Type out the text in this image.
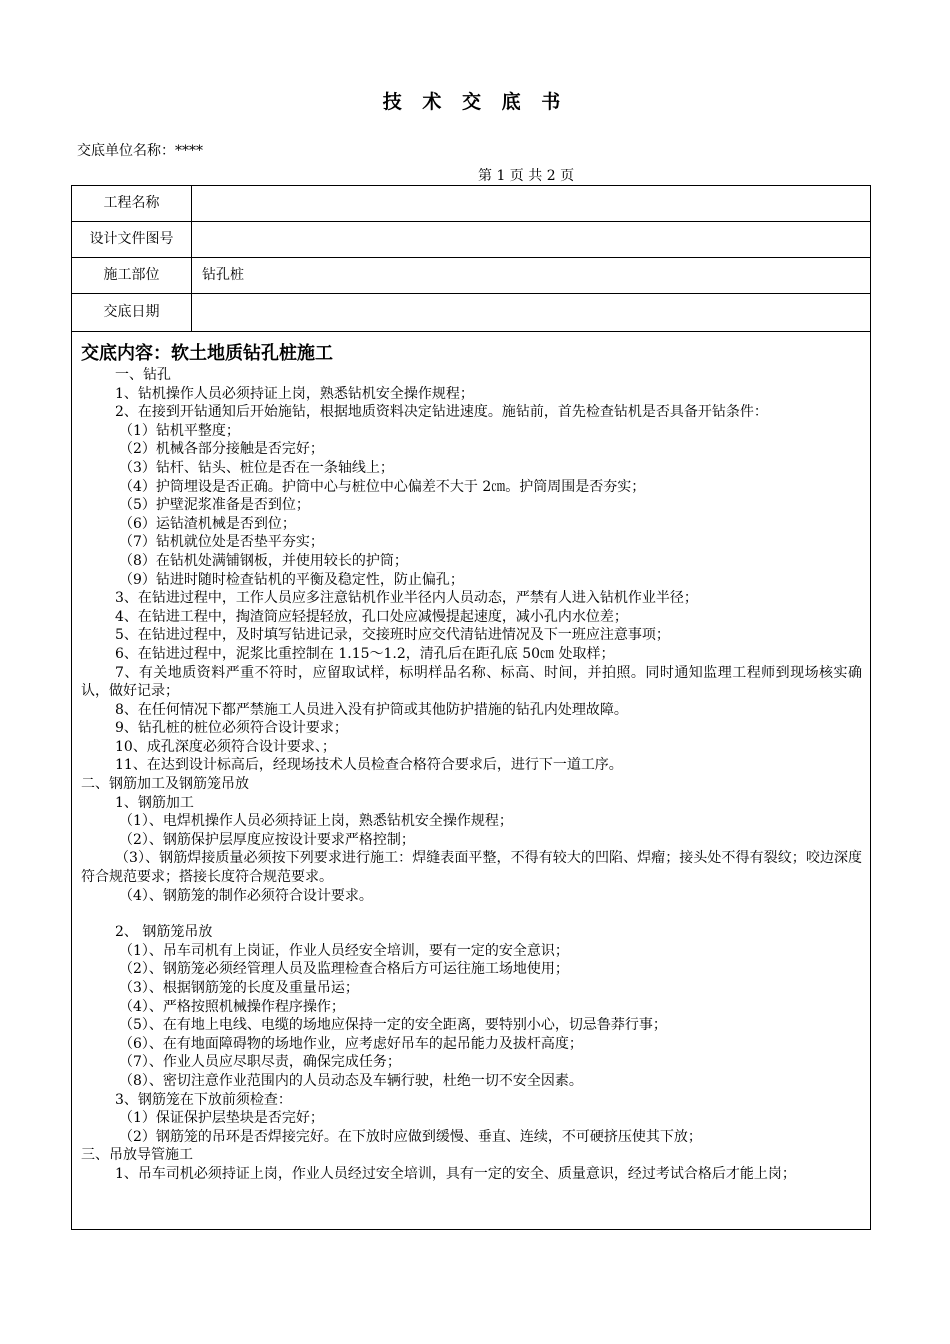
技 术 交 底 书
交底单位名称：****
第 1 页 共 2 页
工程名称
设计文件图号
施工部位	钻孔桩
交底日期
交底内容：软土地质钻孔桩施工
一、钻孔
1、钻机操作人员必须持证上岗，熟悉钻机安全操作规程；
2、在接到开钻通知后开始施钻，根据地质资料决定钻进速度。施钻前，首先检查钻机是否具备开钻条件：
（1）钻机平整度；
（2）机械各部分接触是否完好；
（3）钻杆、钻头、桩位是否在一条轴线上；
（4）护筒埋设是否正确。护筒中心与桩位中心偏差不大于 2㎝。护筒周围是否夯实；
（5）护壁泥浆准备是否到位；
（6）运钻渣机械是否到位；
（7）钻机就位处是否垫平夯实；
（8）在钻机处满铺钢板，并使用较长的护筒；
（9）钻进时随时检查钻机的平衡及稳定性，防止偏孔；
3、在钻进过程中，工作人员应多注意钻机作业半径内人员动态，严禁有人进入钻机作业半径；
4、在钻进工程中，掏渣筒应轻提轻放，孔口处应减慢提起速度，减小孔内水位差；
5、在钻进过程中，及时填写钻进记录，交接班时应交代清钻进情况及下一班应注意事项；
6、在钻进过程中，泥浆比重控制在 1.15～1.2，清孔后在距孔底 50㎝ 处取样；
7、有关地质资料严重不符时，应留取试样，标明样品名称、标高、时间，并拍照。同时通知监理工程师到现场核实确认，做好记录；
8、在任何情况下都严禁施工人员进入没有护筒或其他防护措施的钻孔内处理故障。
9、钻孔桩的桩位必须符合设计要求；
10、成孔深度必须符合设计要求、；
11、在达到设计标高后，经现场技术人员检查合格符合要求后，进行下一道工序。
二、钢筋加工及钢筋笼吊放
1、钢筋加工
（1）、电焊机操作人员必须持证上岗，熟悉钻机安全操作规程；
（2）、钢筋保护层厚度应按设计要求严格控制；
（3）、钢筋焊接质量必须按下列要求进行施工：焊缝表面平整，不得有较大的凹陷、焊瘤；接头处不得有裂纹；咬边深度符合规范要求；搭接长度符合规范要求。
（4）、钢筋笼的制作必须符合设计要求。
2、 钢筋笼吊放
（1）、吊车司机有上岗证，作业人员经安全培训，要有一定的安全意识；
（2）、钢筋笼必须经管理人员及监理检查合格后方可运往施工场地使用；
（3）、根据钢筋笼的长度及重量吊运；
（4）、严格按照机械操作程序操作；
（5）、在有地上电线、电缆的场地应保持一定的安全距离，要特别小心，切忌鲁莽行事；
（6）、在有地面障碍物的场地作业，应考虑好吊车的起吊能力及拔杆高度；
（7）、作业人员应尽职尽责，确保完成任务；
（8）、密切注意作业范围内的人员动态及车辆行驶，杜绝一切不安全因素。
3、钢筋笼在下放前须检查：
（1）保证保护层垫块是否完好；
（2）钢筋笼的吊环是否焊接完好。在下放时应做到缓慢、垂直、连续，不可硬挤压使其下放；
三、吊放导管施工
1、吊车司机必须持证上岗，作业人员经过安全培训，具有一定的安全、质量意识，经过考试合格后才能上岗；
